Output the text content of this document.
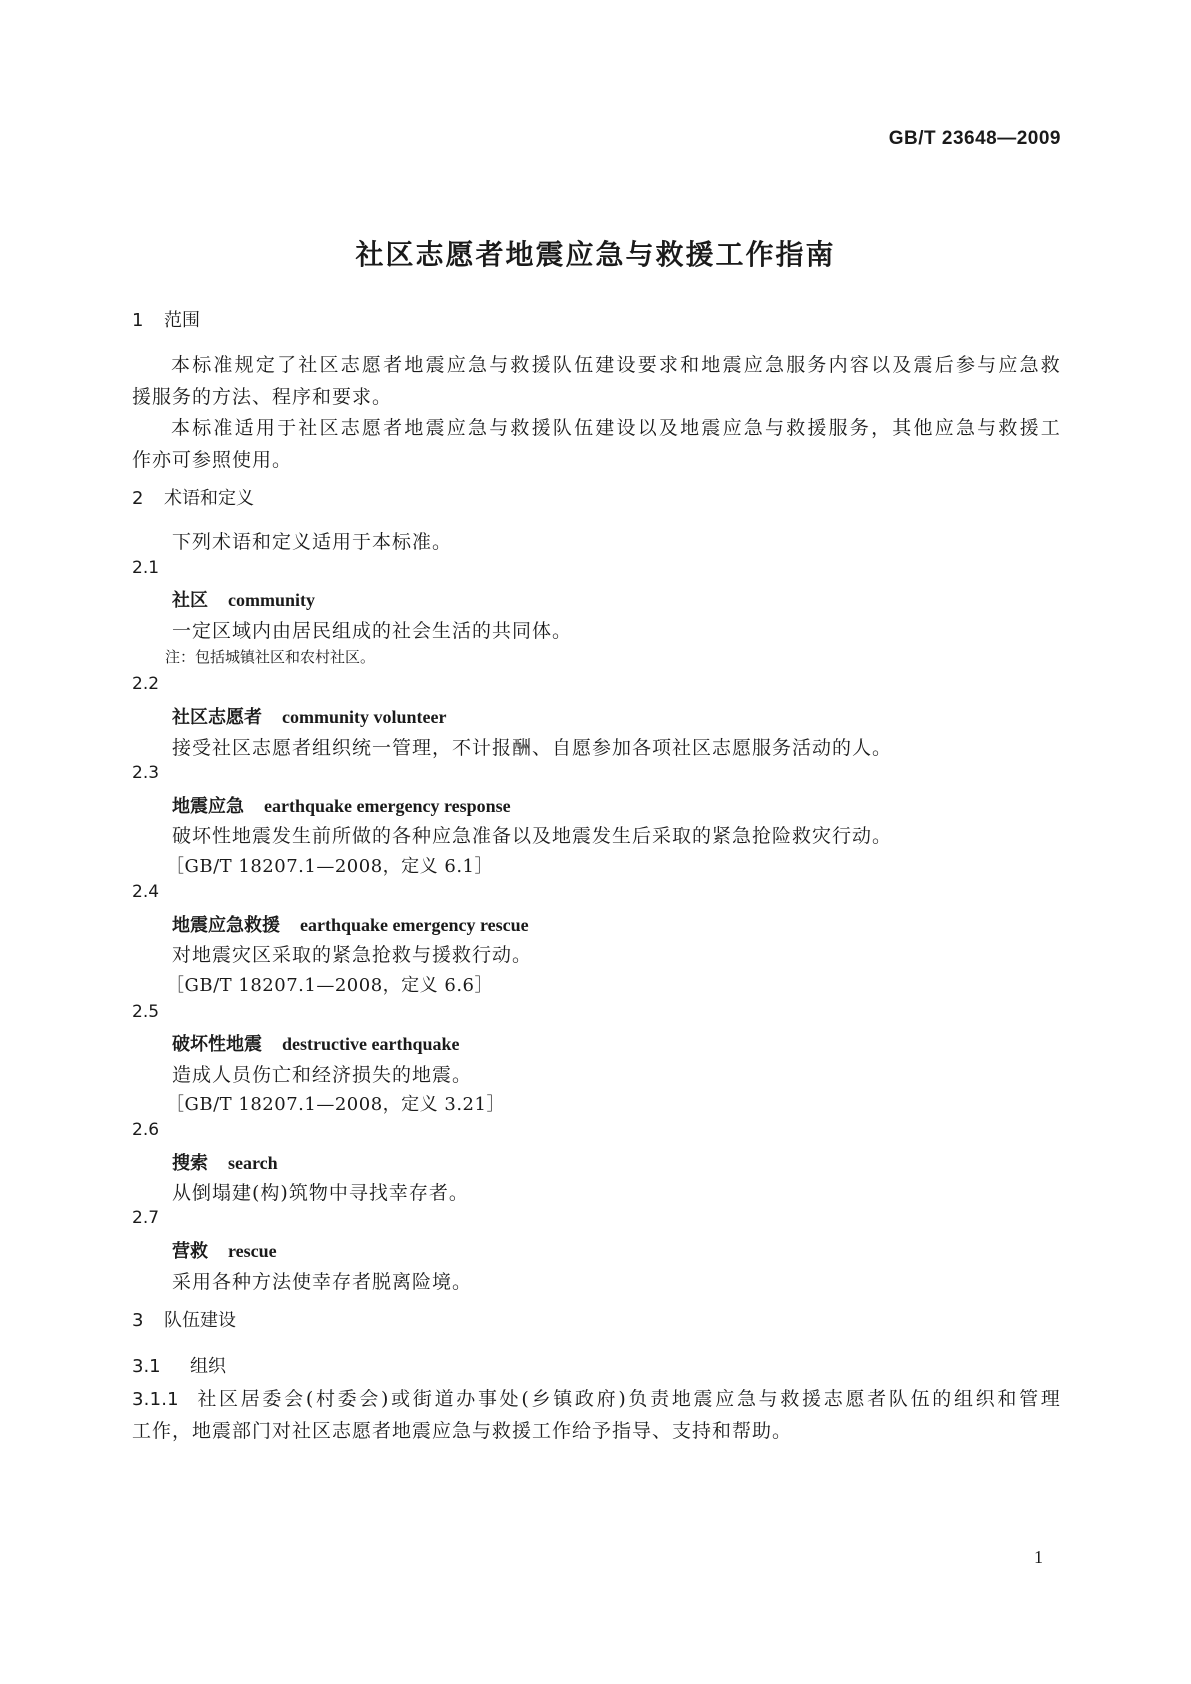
GB/T 23648—2009
社区志愿者地震应急与救援工作指南
1 范围
本标准规定了社区志愿者地震应急与救援队伍建设要求和地震应急服务内容以及震后参与应急救
援服务的方法、程序和要求。
本标准适用于社区志愿者地震应急与救援队伍建设以及地震应急与救援服务，其他应急与救援工
作亦可参照使用。
2 术语和定义
下列术语和定义适用于本标准。
2.1
社区 community
一定区域内由居民组成的社会生活的共同体。
注：包括城镇社区和农村社区。
2.2
社区志愿者 community volunteer
接受社区志愿者组织统一管理，不计报酬、自愿参加各项社区志愿服务活动的人。
2.3
地震应急 earthquake emergency response
破坏性地震发生前所做的各种应急准备以及地震发生后采取的紧急抢险救灾行动。
［GB/T 18207.1—2008，定义 6.1］
2.4
地震应急救援 earthquake emergency rescue
对地震灾区采取的紧急抢救与援救行动。
［GB/T 18207.1—2008，定义 6.6］
2.5
破坏性地震 destructive earthquake
造成人员伤亡和经济损失的地震。
［GB/T 18207.1—2008，定义 3.21］
2.6
搜索 search
从倒塌建(构)筑物中寻找幸存者。
2.7
营救 rescue
采用各种方法使幸存者脱离险境。
3 队伍建设
3.1 组织
3.1.1 社区居委会(村委会)或街道办事处(乡镇政府)负责地震应急与救援志愿者队伍的组织和管理
工作，地震部门对社区志愿者地震应急与救援工作给予指导、支持和帮助。
1
